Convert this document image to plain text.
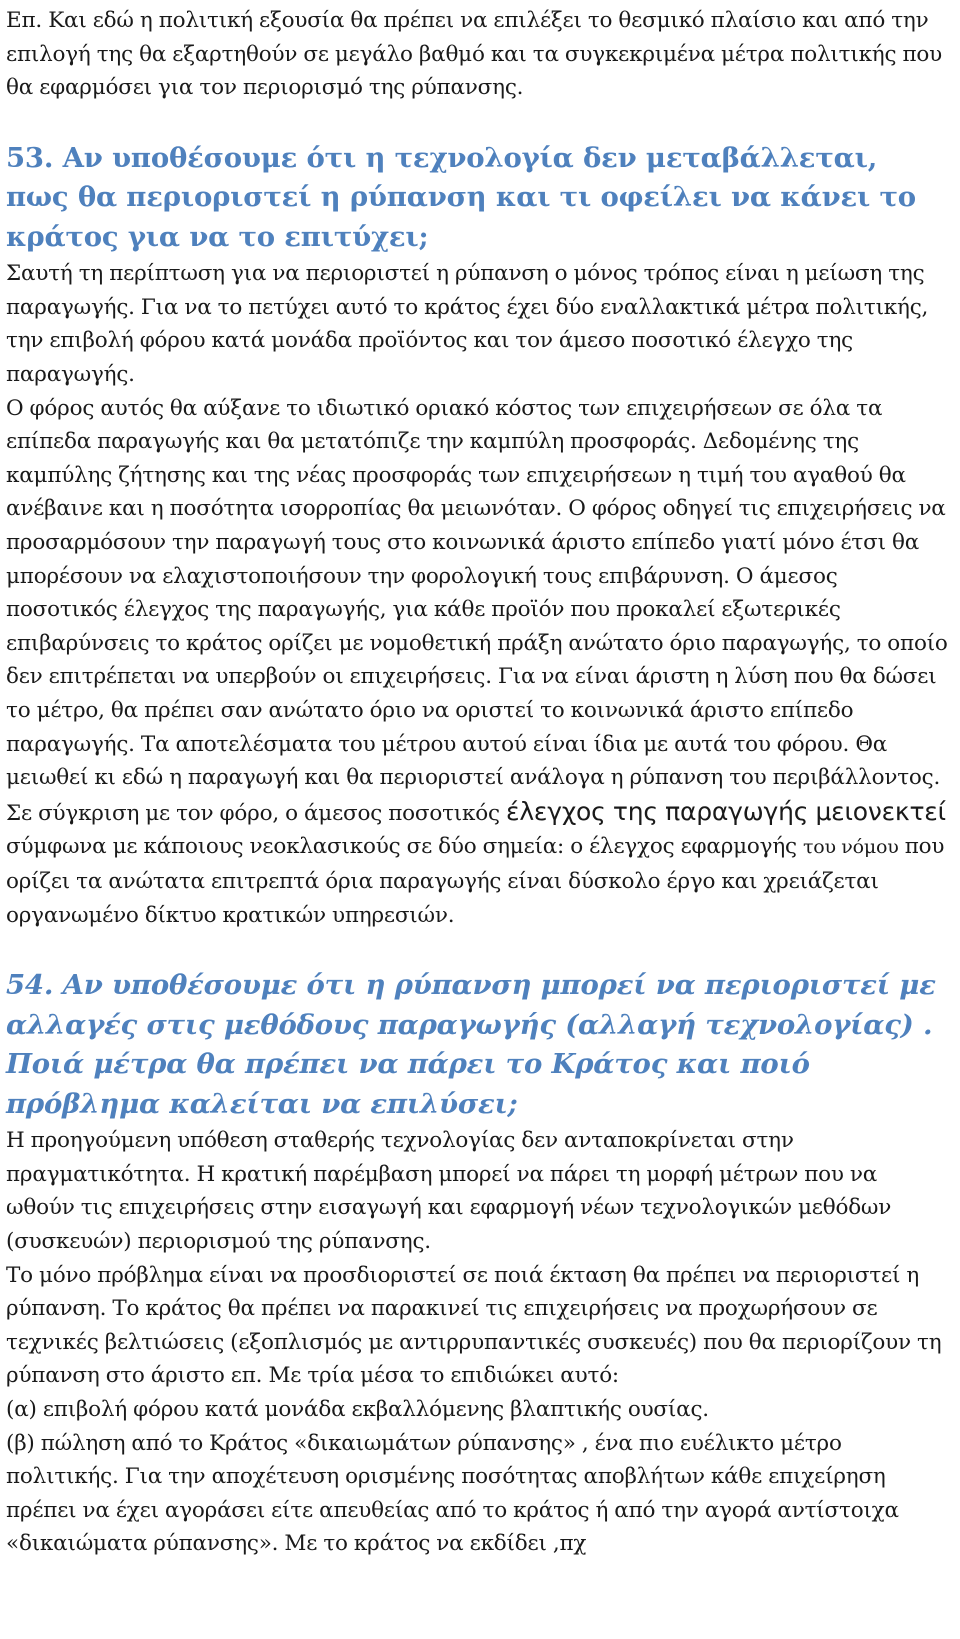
Επ. Και εδώ η πολιτική εξουσία θα πρέπει να επιλέξει το θεσμικό πλαίσιο και από την επιλογή της θα εξαρτηθούν σε μεγάλο βαθμό και τα συγκεκριμένα μέτρα πολιτικής που θα εφαρμόσει για τον περιορισμό της ρύπανσης.

53. Αν υποθέσουμε ότι η τεχνολογία δεν μεταβάλλεται, πως θα περιοριστεί η ρύπανση και τι οφείλει να κάνει το κράτος για να το επιτύχει;

Σαυτή τη περίπτωση για να περιοριστεί η ρύπανση ο μόνος τρόπος είναι η μείωση της παραγωγής. Για να το πετύχει αυτό το κράτος έχει δύο εναλλακτικά μέτρα πολιτικής, την επιβολή φόρου κατά μονάδα προϊόντος και τον άμεσο ποσοτικό έλεγχο της παραγωγής.

Ο φόρος αυτός θα αύξανε το ιδιωτικό οριακό κόστος των επιχειρήσεων σε όλα τα επίπεδα παραγωγής και θα μετατόπιζε την καμπύλη προσφοράς. Δεδομένης της καμπύλης ζήτησης και της νέας προσφοράς των επιχειρήσεων η τιμή του αγαθού θα ανέβαινε και η ποσότητα ισορροπίας θα μειωνόταν. Ο φόρος οδηγεί τις επιχειρήσεις να προσαρμόσουν την παραγωγή τους στο κοινωνικά άριστο επίπεδο γιατί μόνο έτσι θα μπορέσουν να ελαχιστοποιήσουν την φορολογική τους επιβάρυνση. Ο άμεσος ποσοτικός έλεγχος της παραγωγής, για κάθε προϊόν που προκαλεί εξωτερικές επιβαρύνσεις το κράτος ορίζει με νομοθετική πράξη ανώτατο όριο παραγωγής, το οποίο δεν επιτρέπεται να υπερβούν οι επιχειρήσεις. Για να είναι άριστη η λύση που θα δώσει το μέτρο, θα πρέπει σαν ανώτατο όριο να οριστεί το κοινωνικά άριστο επίπεδο παραγωγής. Τα αποτελέσματα του μέτρου αυτού είναι ίδια με αυτά του φόρου. Θα μειωθεί κι εδώ η παραγωγή και θα περιοριστεί ανάλογα η ρύπανση του περιβάλλοντος.

Σε σύγκριση με τον φόρο, ο άμεσος ποσοτικός έλεγχος της παραγωγής μειονεκτεί

σύμφωνα με κάποιους νεοκλασικούς σε δύο σημεία: ο έλεγχος εφαρμογής του νόμου που ορίζει τα ανώτατα επιτρεπτά όρια παραγωγής είναι δύσκολο έργο και χρειάζεται οργανωμένο δίκτυο κρατικών υπηρεσιών.

54. Αν υποθέσουμε ότι η ρύπανση μπορεί να περιοριστεί με αλλαγές στις μεθόδους παραγωγής (αλλαγή τεχνολογίας) . Ποιά μέτρα θα πρέπει να πάρει το Κράτος και ποιό πρόβλημα καλείται να επιλύσει;

Η προηγούμενη υπόθεση σταθερής τεχνολογίας δεν ανταποκρίνεται στην πραγματικότητα. Η κρατική παρέμβαση μπορεί να πάρει τη μορφή μέτρων που να ωθούν τις επιχειρήσεις στην εισαγωγή και εφαρμογή νέων τεχνολογικών μεθόδων (συσκευών) περιορισμού της ρύπανσης.

Το μόνο πρόβλημα είναι να προσδιοριστεί σε ποιά έκταση θα πρέπει να περιοριστεί η ρύπανση. Το κράτος θα πρέπει να παρακινεί τις επιχειρήσεις να προχωρήσουν σε τεχνικές βελτιώσεις (εξοπλισμός με αντιρρυπαντικές συσκευές) που θα περιορίζουν τη ρύπανση στο άριστο επ. Με τρία μέσα το επιδιώκει αυτό:

(α) επιβολή φόρου κατά μονάδα εκβαλλόμενης βλαπτικής ουσίας.

(β) πώληση από το Κράτος «δικαιωμάτων ρύπανσης» , ένα πιο ευέλικτο μέτρο πολιτικής. Για την αποχέτευση ορισμένης ποσότητας αποβλήτων κάθε επιχείρηση πρέπει να έχει αγοράσει είτε απευθείας από το κράτος ή από την αγορά αντίστοιχα «δικαιώματα ρύπανσης». Με το κράτος να εκδίδει ,πχ
